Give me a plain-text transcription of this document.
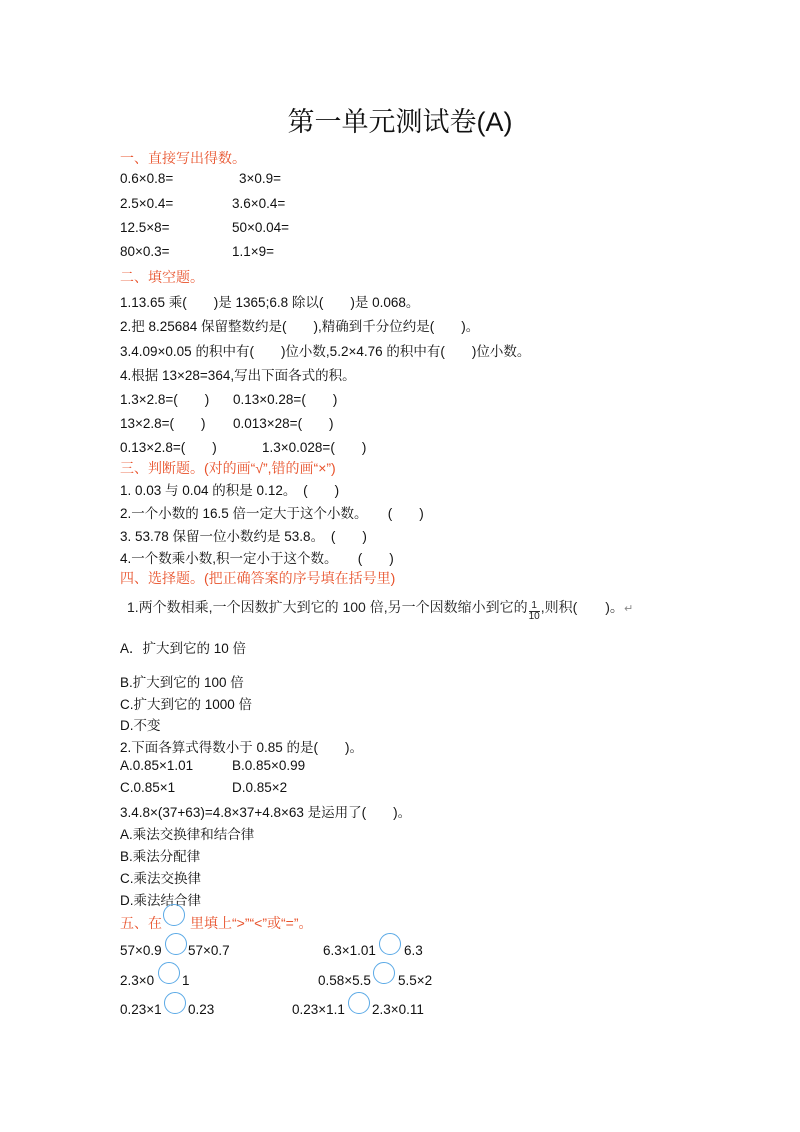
第一单元测试卷(A)
一、直接写出得数。
0.6×0.8=	3×0.9=
2.5×0.4=	3.6×0.4=
12.5×8=	50×0.04=
80×0.3=	1.1×9=
二、填空题。
1.13.65 乘(　　)是 1365;6.8 除以(　　)是 0.068。
2.把 8.25684 保留整数约是(　　),精确到千分位约是(　　)。
3.4.09×0.05 的积中有(　　)位小数,5.2×4.76 的积中有(　　)位小数。
4.根据 13×28=364,写出下面各式的积。
1.3×2.8=(　　) 0.13×0.28=(　　)
13×2.8=(　　) 0.013×28=(　　)
0.13×2.8=(　　)	1.3×0.028=(　　)
三、判断题。(对的画“√”,错的画“×”)
1. 0.03 与 0.04 的积是 0.12。　(　　)
2.一个小数的 16.5 倍一定大于这个小数。　　(　　)
3. 53.78 保留一位小数约是 53.8。　(　　)
4.一个数乘小数,积一定小于这个数。　　(　　)
四、选择题。(把正确答案的序号填在括号里)
1.两个数相乘,一个因数扩大到它的 100 倍,另一个因数缩小到它的 $\frac{1}{10}$ ,则积(　　)。↵
A．扩大到它的 10 倍
B.扩大到它的 100 倍
C.扩大到它的 1000 倍
D.不变
2.下面各算式得数小于 0.85 的是(　　)。
A.0.85×1.01	B.0.85×0.99
C.0.85×1	D.0.85×2
3.4.8×(37+63)=4.8×37+4.8×63 是运用了(　　)。
A.乘法交换律和结合律
B.乘法分配律
C.乘法交换律
D.乘法结合律
五、在 里填上“>”“<”或“=”。
57×0.9 57×0.7	6.3×1.01 6.3
2.3×0 1	0.58×5.5 5.5×2
0.23×1 0.23	0.23×1.1 2.3×0.11
